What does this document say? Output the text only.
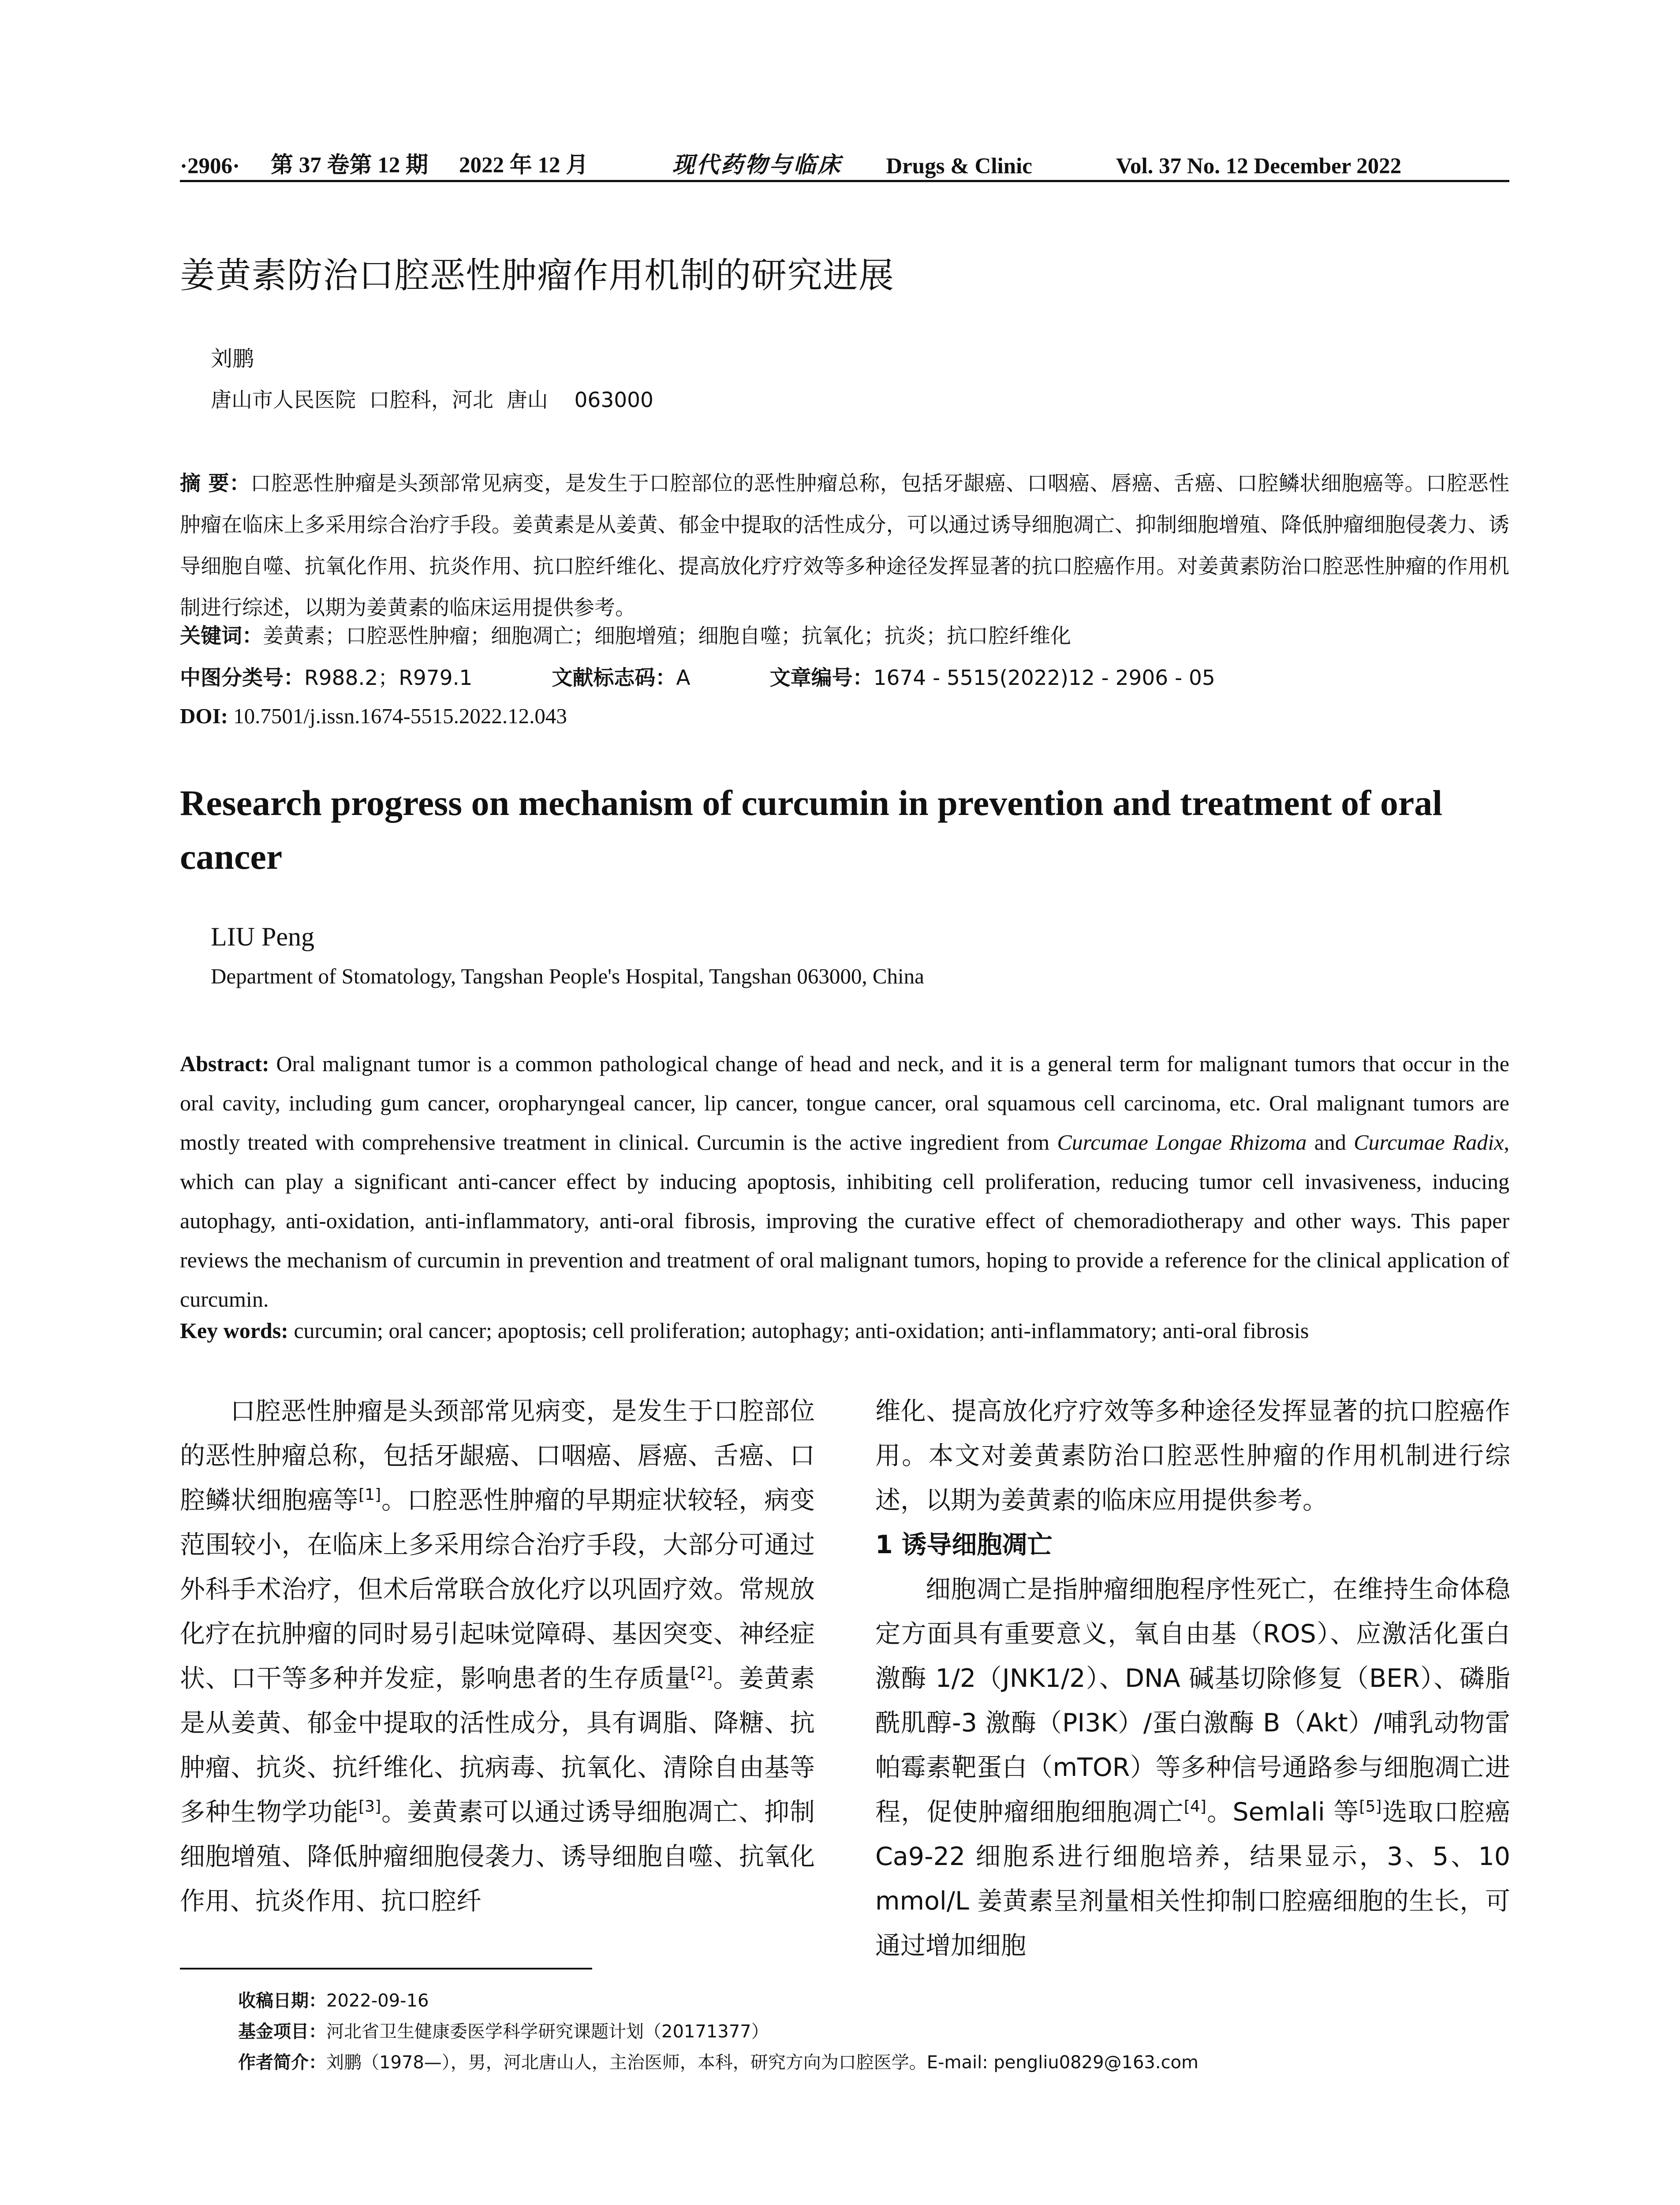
·2906· 第 37 卷第 12 期 2022 年 12 月	现代药物与临床 Drugs & Clinic	Vol. 37 No. 12 December 2022
姜黄素防治口腔恶性肿瘤作用机制的研究进展
刘鹏
唐山市人民医院  口腔科，河北  唐山    063000
摘 要：口腔恶性肿瘤是头颈部常见病变，是发生于口腔部位的恶性肿瘤总称，包括牙龈癌、口咽癌、唇癌、舌癌、口腔鳞状细胞癌等。口腔恶性肿瘤在临床上多采用综合治疗手段。姜黄素是从姜黄、郁金中提取的活性成分，可以通过诱导细胞凋亡、抑制细胞增殖、降低肿瘤细胞侵袭力、诱导细胞自噬、抗氧化作用、抗炎作用、抗口腔纤维化、提高放化疗疗效等多种途径发挥显著的抗口腔癌作用。对姜黄素防治口腔恶性肿瘤的作用机制进行综述，以期为姜黄素的临床运用提供参考。
关键词：姜黄素；口腔恶性肿瘤；细胞凋亡；细胞增殖；细胞自噬；抗氧化；抗炎；抗口腔纤维化
中图分类号：R988.2；R979.1	文献标志码：A	文章编号：1674 - 5515(2022)12 - 2906 - 05
DOI: 10.7501/j.issn.1674-5515.2022.12.043
Research progress on mechanism of curcumin in prevention and treatment of oral cancer
LIU Peng
Department of Stomatology, Tangshan People's Hospital, Tangshan 063000, China
Abstract: Oral malignant tumor is a common pathological change of head and neck, and it is a general term for malignant tumors that occur in the oral cavity, including gum cancer, oropharyngeal cancer, lip cancer, tongue cancer, oral squamous cell carcinoma, etc. Oral malignant tumors are mostly treated with comprehensive treatment in clinical. Curcumin is the active ingredient from Curcumae Longae Rhizoma and Curcumae Radix, which can play a significant anti-cancer effect by inducing apoptosis, inhibiting cell proliferation, reducing tumor cell invasiveness, inducing autophagy, anti-oxidation, anti-inflammatory, anti-oral fibrosis, improving the curative effect of chemoradiotherapy and other ways. This paper reviews the mechanism of curcumin in prevention and treatment of oral malignant tumors, hoping to provide a reference for the clinical application of curcumin.
Key words: curcumin; oral cancer; apoptosis; cell proliferation; autophagy; anti-oxidation; anti-inflammatory; anti-oral fibrosis

口腔恶性肿瘤是头颈部常见病变，是发生于口腔部位的恶性肿瘤总称，包括牙龈癌、口咽癌、唇癌、舌癌、口腔鳞状细胞癌等[1]。口腔恶性肿瘤的早期症状较轻，病变范围较小，在临床上多采用综合治疗手段，大部分可通过外科手术治疗，但术后常联合放化疗以巩固疗效。常规放化疗在抗肿瘤的同时易引起味觉障碍、基因突变、神经症状、口干等多种并发症，影响患者的生存质量[2]。姜黄素是从姜黄、郁金中提取的活性成分，具有调脂、降糖、抗肿瘤、抗炎、抗纤维化、抗病毒、抗氧化、清除自由基等多种生物学功能[3]。姜黄素可以通过诱导细胞凋亡、抑制细胞增殖、降低肿瘤细胞侵袭力、诱导细胞自噬、抗氧化作用、抗炎作用、抗口腔纤

维化、提高放化疗疗效等多种途径发挥显著的抗口腔癌作用。本文对姜黄素防治口腔恶性肿瘤的作用机制进行综述，以期为姜黄素的临床应用提供参考。

1 诱导细胞凋亡

细胞凋亡是指肿瘤细胞程序性死亡，在维持生命体稳定方面具有重要意义，氧自由基（ROS）、应激活化蛋白激酶 1/2（JNK1/2）、DNA 碱基切除修复（BER）、磷脂酰肌醇-3 激酶（PI3K）/蛋白激酶 B（Akt）/哺乳动物雷帕霉素靶蛋白（mTOR）等多种信号通路参与细胞凋亡进程，促使肿瘤细胞细胞凋亡[4]。Semlali 等[5]选取口腔癌 Ca9-22 细胞系进行细胞培养，结果显示，3、5、10 mmol/L 姜黄素呈剂量相关性抑制口腔癌细胞的生长，可通过增加细胞

收稿日期：2022-09-16
基金项目：河北省卫生健康委医学科学研究课题计划（20171377）
作者简介：刘鹏（1978—），男，河北唐山人，主治医师，本科，研究方向为口腔医学。E-mail: pengliu0829@163.com
